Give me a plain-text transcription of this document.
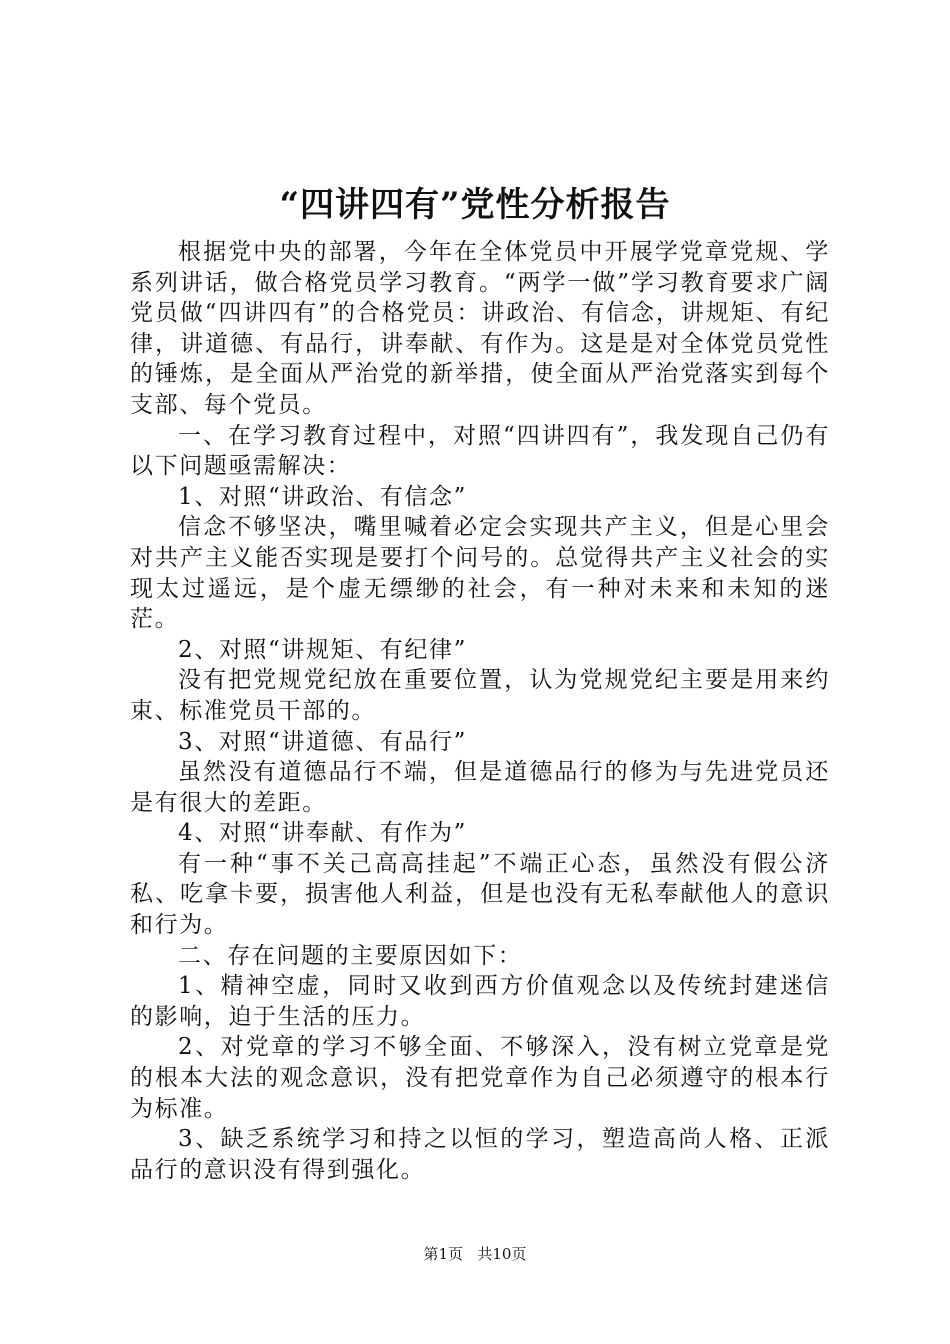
“四讲四有”党性分析报告

根据党中央的部署，今年在全体党员中开展学党章党规、学系列讲话，做合格党员学习教育。“两学一做”学习教育要求广阔党员做“四讲四有”的合格党员：讲政治、有信念，讲规矩、有纪律，讲道德、有品行，讲奉献、有作为。这是是对全体党员党性的锤炼，是全面从严治党的新举措，使全面从严治党落实到每个支部、每个党员。

一、在学习教育过程中，对照“四讲四有”，我发现自己仍有以下问题亟需解决：

1、对照“讲政治、有信念”

信念不够坚决，嘴里喊着必定会实现共产主义，但是心里会对共产主义能否实现是要打个问号的。总觉得共产主义社会的实现太过遥远，是个虚无缥缈的社会，有一种对未来和未知的迷茫。

2、对照“讲规矩、有纪律”

没有把党规党纪放在重要位置，认为党规党纪主要是用来约束、标准党员干部的。

3、对照“讲道德、有品行”

虽然没有道德品行不端，但是道德品行的修为与先进党员还是有很大的差距。

4、对照“讲奉献、有作为”

有一种“事不关己高高挂起”不端正心态，虽然没有假公济私、吃拿卡要，损害他人利益，但是也没有无私奉献他人的意识和行为。

二、存在问题的主要原因如下：

1、精神空虚，同时又收到西方价值观念以及传统封建迷信的影响，迫于生活的压力。

2、对党章的学习不够全面、不够深入，没有树立党章是党的根本大法的观念意识，没有把党章作为自己必须遵守的根本行为标准。

3、缺乏系统学习和持之以恒的学习，塑造高尚人格、正派品行的意识没有得到强化。

第1页 共10页
